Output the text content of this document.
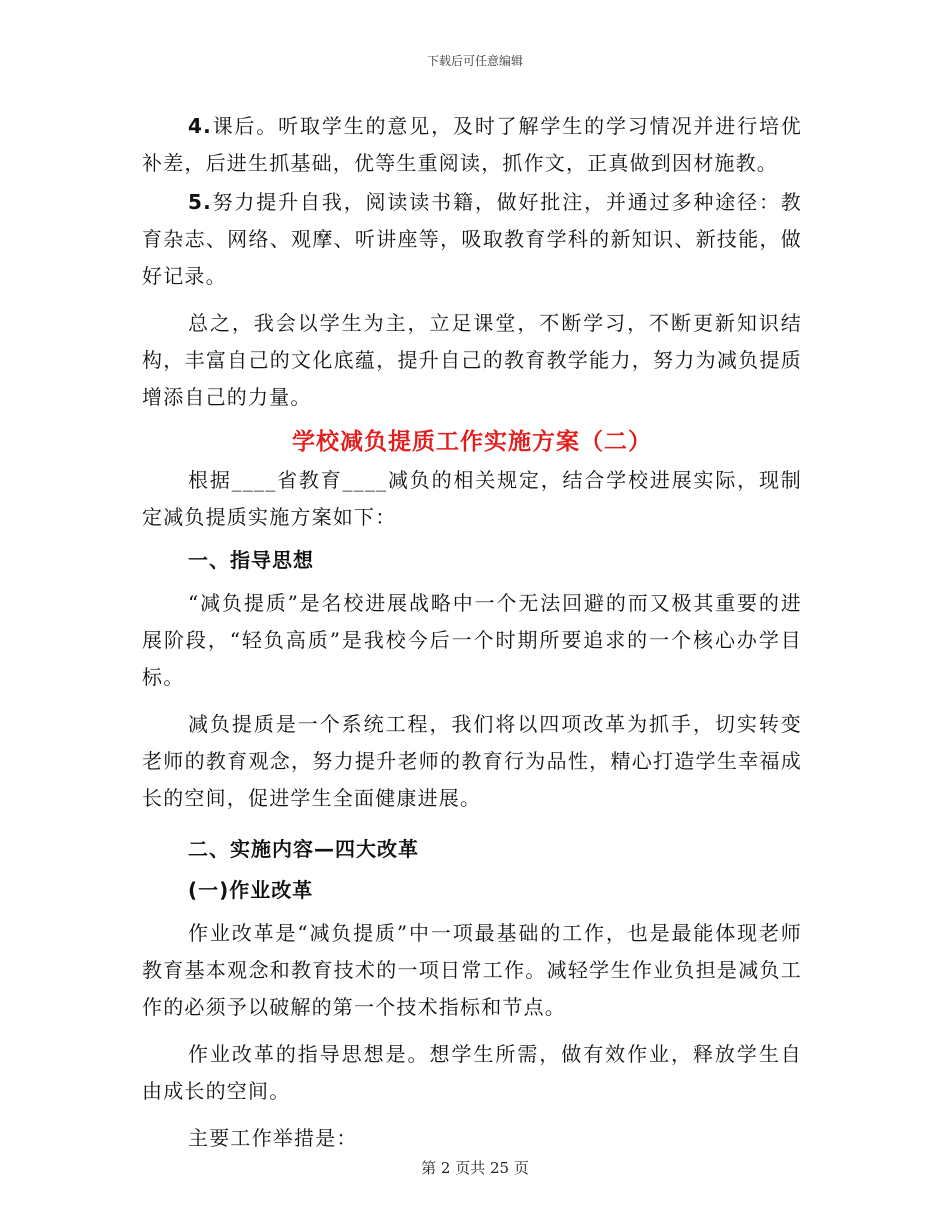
下载后可任意编辑

4.课后。听取学生的意见，及时了解学生的学习情况并进行培优补差，后进生抓基础，优等生重阅读，抓作文，正真做到因材施教。

5.努力提升自我，阅读读书籍，做好批注，并通过多种途径：教育杂志、网络、观摩、听讲座等，吸取教育学科的新知识、新技能，做好记录。

总之，我会以学生为主，立足课堂，不断学习，不断更新知识结构，丰富自己的文化底蕴，提升自己的教育教学能力，努力为减负提质增添自己的力量。

学校减负提质工作实施方案（二）

根据____省教育____减负的相关规定，结合学校进展实际，现制定减负提质实施方案如下：

一、指导思想

“减负提质”是名校进展战略中一个无法回避的而又极其重要的进展阶段，“轻负高质”是我校今后一个时期所要追求的一个核心办学目标。

减负提质是一个系统工程，我们将以四项改革为抓手，切实转变老师的教育观念，努力提升老师的教育行为品性，精心打造学生幸福成长的空间，促进学生全面健康进展。

二、实施内容—四大改革
(一)作业改革

作业改革是“减负提质”中一项最基础的工作，也是最能体现老师教育基本观念和教育技术的一项日常工作。减轻学生作业负担是减负工作的必须予以破解的第一个技术指标和节点。

作业改革的指导思想是。想学生所需，做有效作业，释放学生自由成长的空间。

主要工作举措是：

第 2 页共 25 页
